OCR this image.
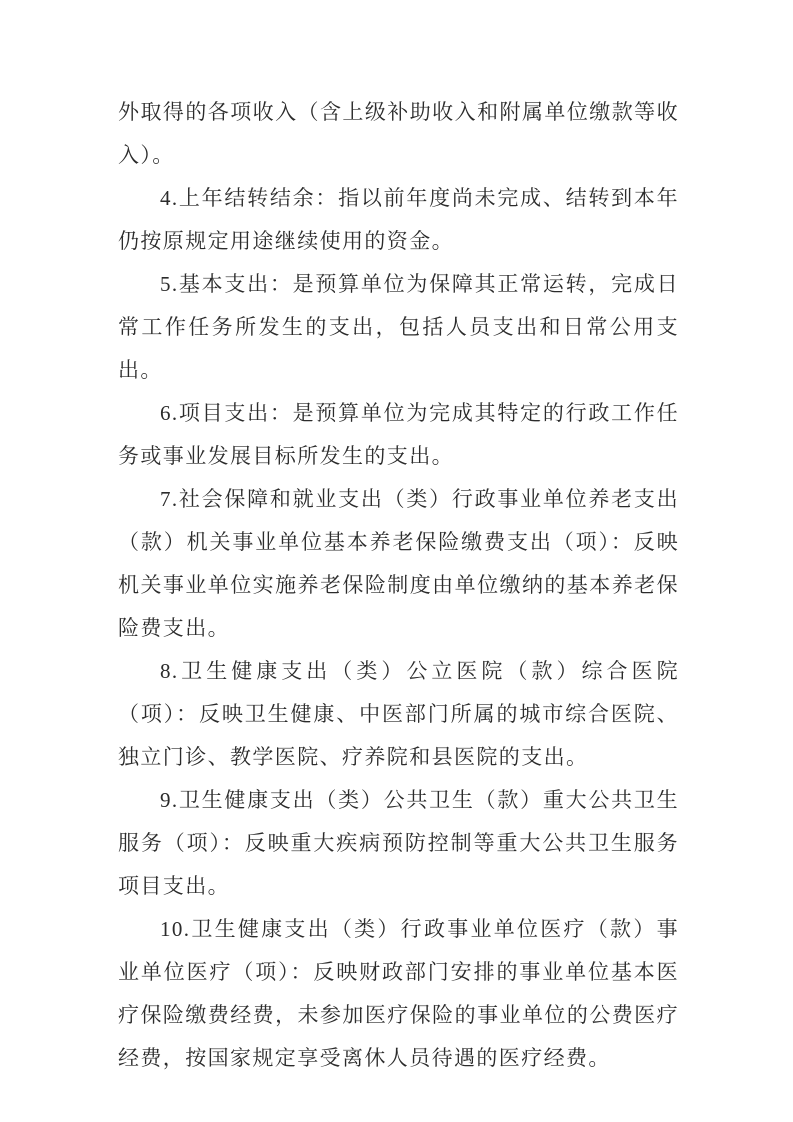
外取得的各项收入（含上级补助收入和附属单位缴款等收入）。

4.上年结转结余：指以前年度尚未完成、结转到本年仍按原规定用途继续使用的资金。

5.基本支出：是预算单位为保障其正常运转，完成日常工作任务所发生的支出，包括人员支出和日常公用支出。

6.项目支出：是预算单位为完成其特定的行政工作任务或事业发展目标所发生的支出。

7.社会保障和就业支出（类）行政事业单位养老支出（款）机关事业单位基本养老保险缴费支出（项）：反映机关事业单位实施养老保险制度由单位缴纳的基本养老保险费支出。

8.卫生健康支出（类）公立医院（款）综合医院（项）：反映卫生健康、中医部门所属的城市综合医院、独立门诊、教学医院、疗养院和县医院的支出。

9.卫生健康支出（类）公共卫生（款）重大公共卫生服务（项）：反映重大疾病预防控制等重大公共卫生服务项目支出。

10.卫生健康支出（类）行政事业单位医疗（款）事业单位医疗（项）：反映财政部门安排的事业单位基本医疗保险缴费经费，未参加医疗保险的事业单位的公费医疗经费，按国家规定享受离休人员待遇的医疗经费。
